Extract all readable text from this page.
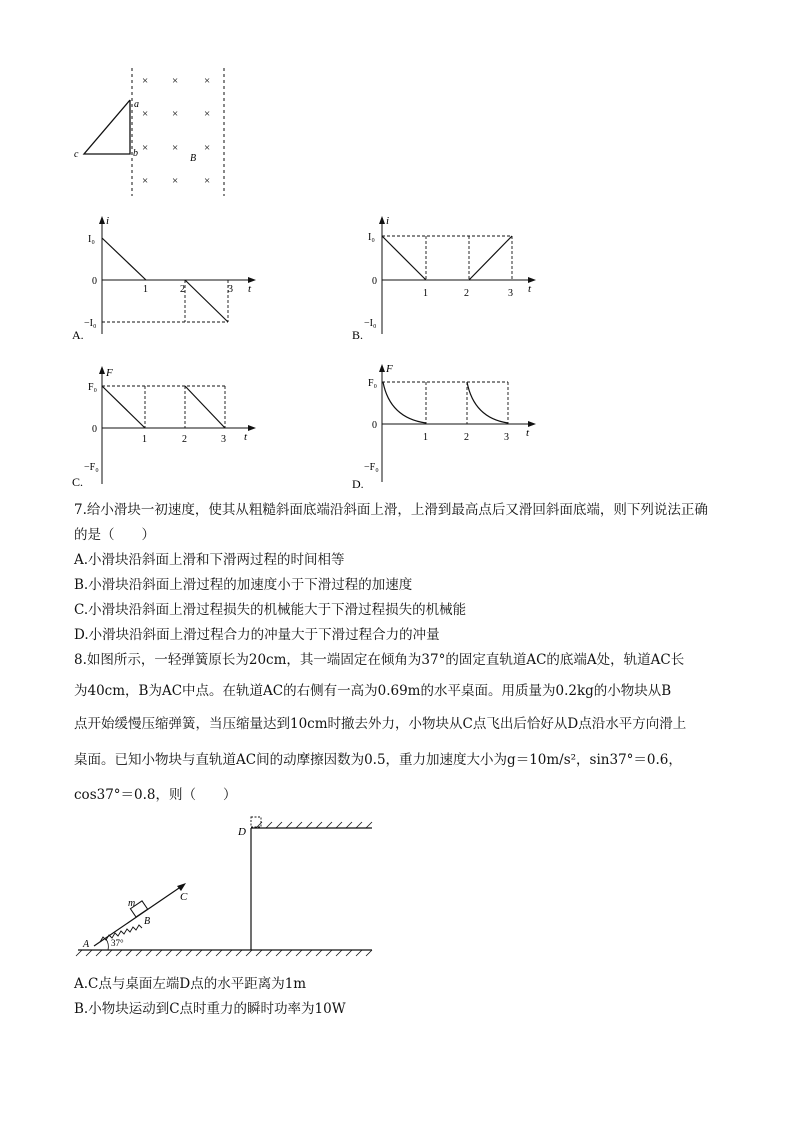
a
b
c	B
× × ×
× × ×
× × ×
× × ×
i
t
I₀
0
−I₀
1	2	3
A.
i
t
I₀
0
−I₀
1	2	3
B.
F
t
F₀
0
−F₀
1	2	3
C.
F
t
F₀
0
−F₀
1	2	3
D.
7.给小滑块一初速度，使其从粗糙斜面底端沿斜面上滑，上滑到最高点后又滑回斜面底端，则下列说法正确
的是（　　）
A.小滑块沿斜面上滑和下滑两过程的时间相等
B.小滑块沿斜面上滑过程的加速度小于下滑过程的加速度
C.小滑块沿斜面上滑过程损失的机械能大于下滑过程损失的机械能
D.小滑块沿斜面上滑过程合力的冲量大于下滑过程合力的冲量
8.如图所示，一轻弹簧原长为20cm，其一端固定在倾角为37°的固定直轨道AC的底端A处，轨道AC长
为40cm，B为AC中点。在轨道AC的右侧有一高为0.69m的水平桌面。用质量为0.2kg的小物块从B
点开始缓慢压缩弹簧，当压缩量达到10cm时撤去外力，小物块从C点飞出后恰好从D点沿水平方向滑上
桌面。已知小物块与直轨道AC间的动摩擦因数为0.5，重力加速度大小为g＝10m/s²，sin37°＝0.6，
cos37°＝0.8，则（　　）
D
C
m
B
A 37°
A.C点与桌面左端D点的水平距离为1m
B.小物块运动到C点时重力的瞬时功率为10W
